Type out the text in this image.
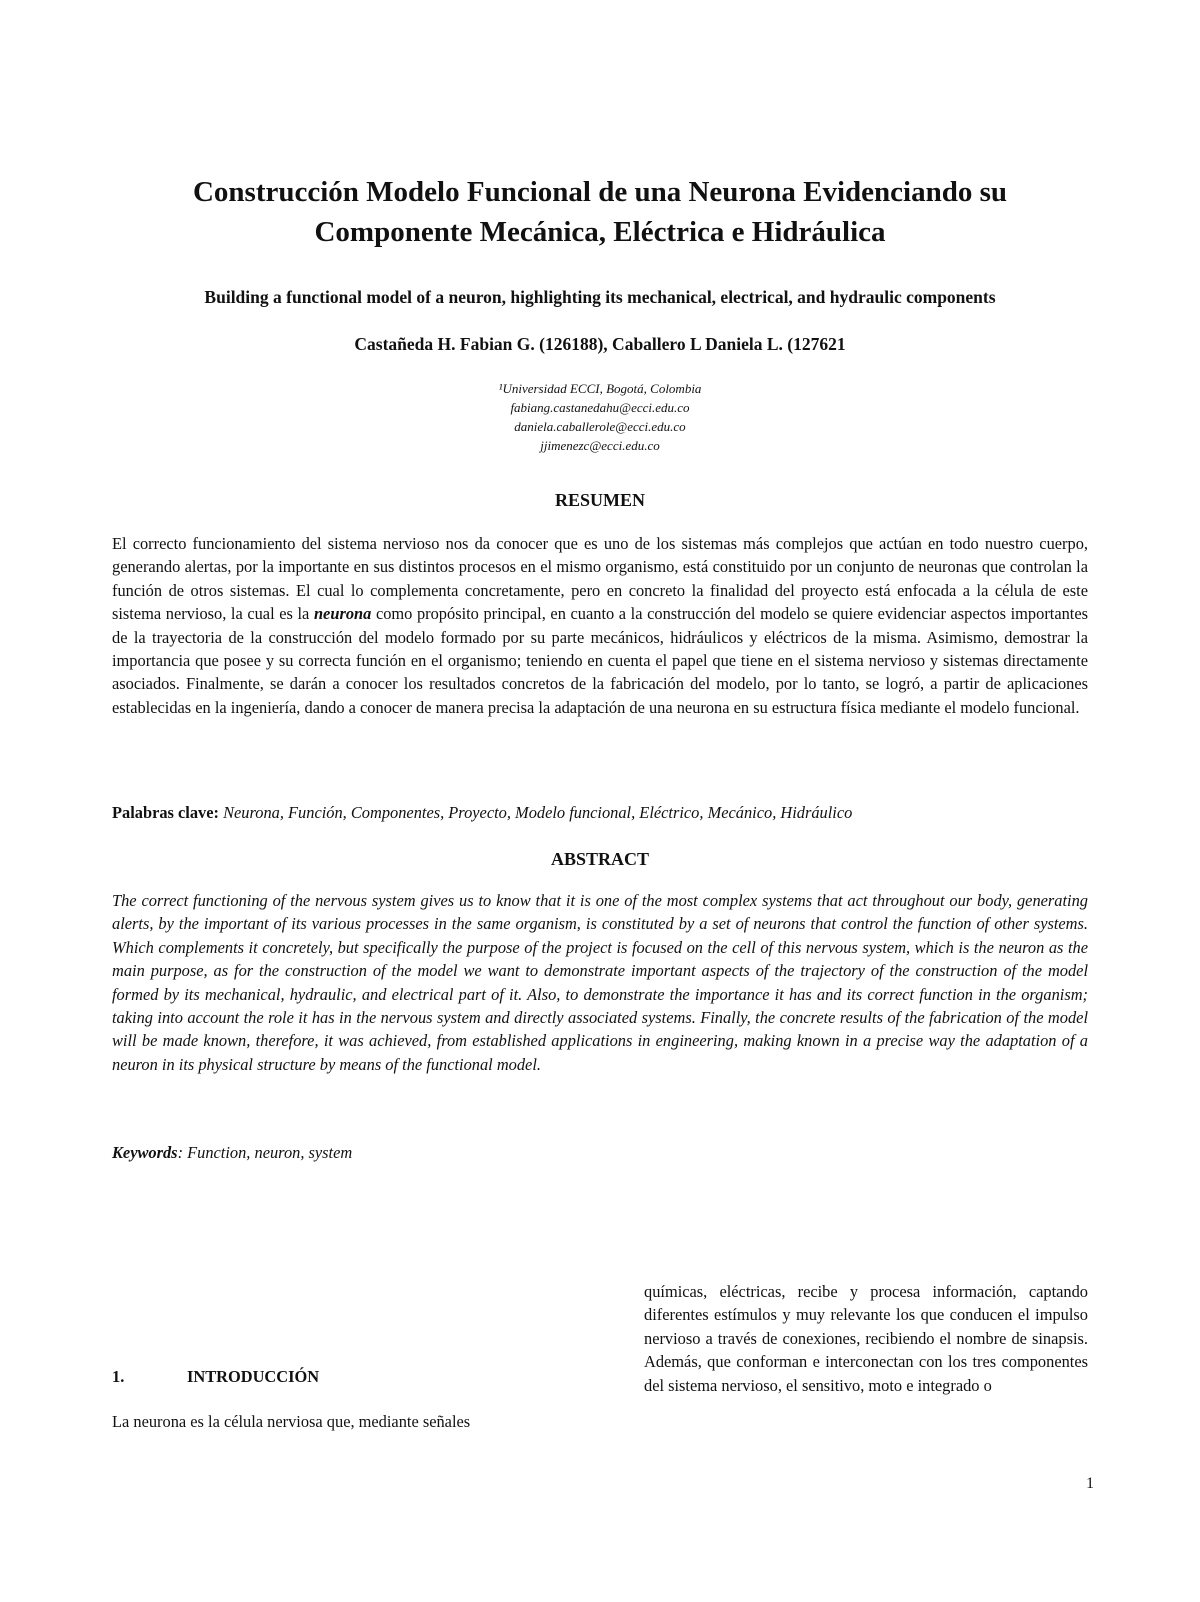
Construcción Modelo Funcional de una Neurona Evidenciando su
Componente Mecánica, Eléctrica e Hidráulica
Building a functional model of a neuron, highlighting its mechanical, electrical, and hydraulic components
Castañeda H. Fabian G. (126188), Caballero L Daniela L. (127621
¹Universidad ECCI, Bogotá, Colombia
fabiang.castanedahu@ecci.edu.co
daniela.caballerole@ecci.edu.co
jjimenezc@ecci.edu.co
RESUMEN
El correcto funcionamiento del sistema nervioso nos da conocer que es uno de los sistemas más complejos que actúan en todo nuestro cuerpo, generando alertas, por la importante en sus distintos procesos en el mismo organismo, está constituido por un conjunto de neuronas que controlan la función de otros sistemas. El cual lo complementa concretamente, pero en concreto la finalidad del proyecto está enfocada a la célula de este sistema nervioso, la cual es la neurona como propósito principal, en cuanto a la construcción del modelo se quiere evidenciar aspectos importantes de la trayectoria de la construcción del modelo formado por su parte mecánicos, hidráulicos y eléctricos de la misma. Asimismo, demostrar la importancia que posee y su correcta función en el organismo; teniendo en cuenta el papel que tiene en el sistema nervioso y sistemas directamente asociados. Finalmente, se darán a conocer los resultados concretos de la fabricación del modelo, por lo tanto, se logró, a partir de aplicaciones establecidas en la ingeniería, dando a conocer de manera precisa la adaptación de una neurona en su estructura física mediante el modelo funcional.
Palabras clave: Neurona, Función, Componentes, Proyecto, Modelo funcional, Eléctrico, Mecánico, Hidráulico
ABSTRACT
The correct functioning of the nervous system gives us to know that it is one of the most complex systems that act throughout our body, generating alerts, by the important of its various processes in the same organism, is constituted by a set of neurons that control the function of other systems. Which complements it concretely, but specifically the purpose of the project is focused on the cell of this nervous system, which is the neuron as the main purpose, as for the construction of the model we want to demonstrate important aspects of the trajectory of the construction of the model formed by its mechanical, hydraulic, and electrical part of it. Also, to demonstrate the importance it has and its correct function in the organism; taking into account the role it has in the nervous system and directly associated systems. Finally, the concrete results of the fabrication of the model will be made known, therefore, it was achieved, from established applications in engineering, making known in a precise way the adaptation of a neuron in its physical structure by means of the functional model.
Keywords: Function, neuron, system
1.	INTRODUCCIÓN
La neurona es la célula nerviosa que, mediante señales
químicas, eléctricas, recibe y procesa información, captando diferentes estímulos y muy relevante los que conducen el impulso nervioso a través de conexiones, recibiendo el nombre de sinapsis. Además, que conforman e interconectan con los tres componentes del sistema nervioso, el sensitivo, moto e integrado o
1
